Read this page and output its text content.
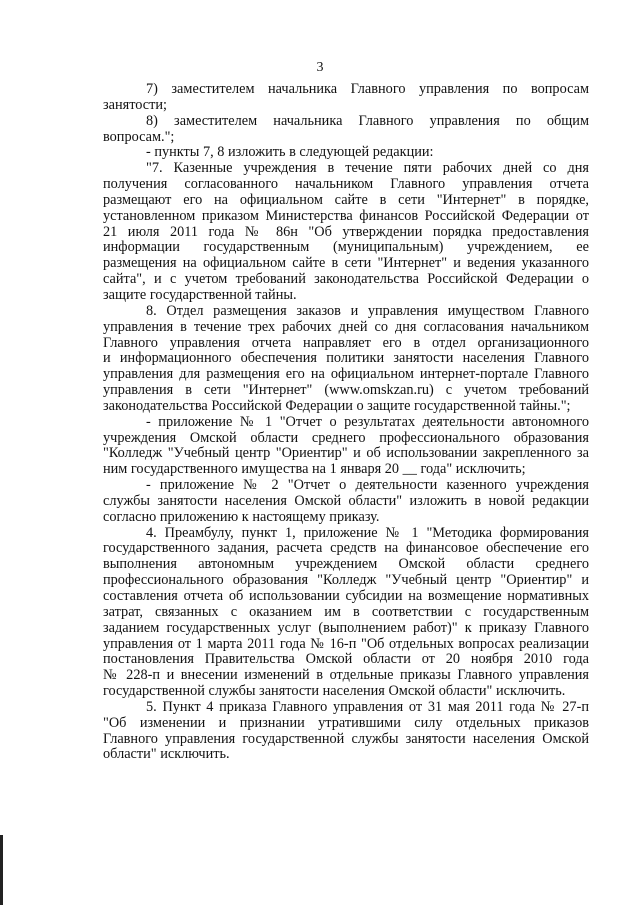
3

7) заместителем начальника Главного управления по вопросам

занятости;

8) заместителем начальника Главного управления по общим

вопросам.";

- пункты 7, 8 изложить в следующей редакции:

"7. Казенные учреждения в течение пяти рабочих дней со дня

получения согласованного начальником Главного управления отчета

размещают его на официальном сайте в сети "Интернет" в порядке,

установленном приказом Министерства финансов Российской Федерации от

21 июля 2011 года № 86н "Об утверждении порядка предоставления

информации государственным (муниципальным) учреждением, ее

размещения на официальном сайте в сети "Интернет" и ведения указанного

сайта", и с учетом требований законодательства Российской Федерации о

защите государственной тайны.

8. Отдел размещения заказов и управления имуществом Главного

управления в течение трех рабочих дней со дня согласования начальником

Главного управления отчета направляет его в отдел организационного

и информационного обеспечения политики занятости населения Главного

управления для размещения его на официальном интернет-портале Главного

управления в сети "Интернет" (www.omskzan.ru) с учетом требований

законодательства Российской Федерации о защите государственной тайны.";

- приложение № 1 "Отчет о результатах деятельности автономного

учреждения Омской области среднего профессионального образования

"Колледж "Учебный центр "Ориентир" и об использовании закрепленного за

ним государственного имущества на 1 января 20 __ года" исключить;

- приложение № 2 "Отчет о деятельности казенного учреждения

службы занятости населения Омской области" изложить в новой редакции

согласно приложению к настоящему приказу.

4. Преамбулу, пункт 1, приложение № 1 "Методика формирования

государственного задания, расчета средств на финансовое обеспечение его

выполнения автономным учреждением Омской области среднего

профессионального образования "Колледж "Учебный центр "Ориентир" и

составления отчета об использовании субсидии на возмещение нормативных

затрат, связанных с оказанием им в соответствии с государственным

заданием государственных услуг (выполнением работ)" к приказу Главного

управления от 1 марта 2011 года № 16-п "Об отдельных вопросах реализации

постановления Правительства Омской области от 20 ноября 2010 года

№ 228-п и внесении изменений в отдельные приказы Главного управления

государственной службы занятости населения Омской области" исключить.

5. Пункт 4 приказа Главного управления от 31 мая 2011 года № 27-п

"Об изменении и признании утратившими силу отдельных приказов

Главного управления государственной службы занятости населения Омской

области" исключить.
